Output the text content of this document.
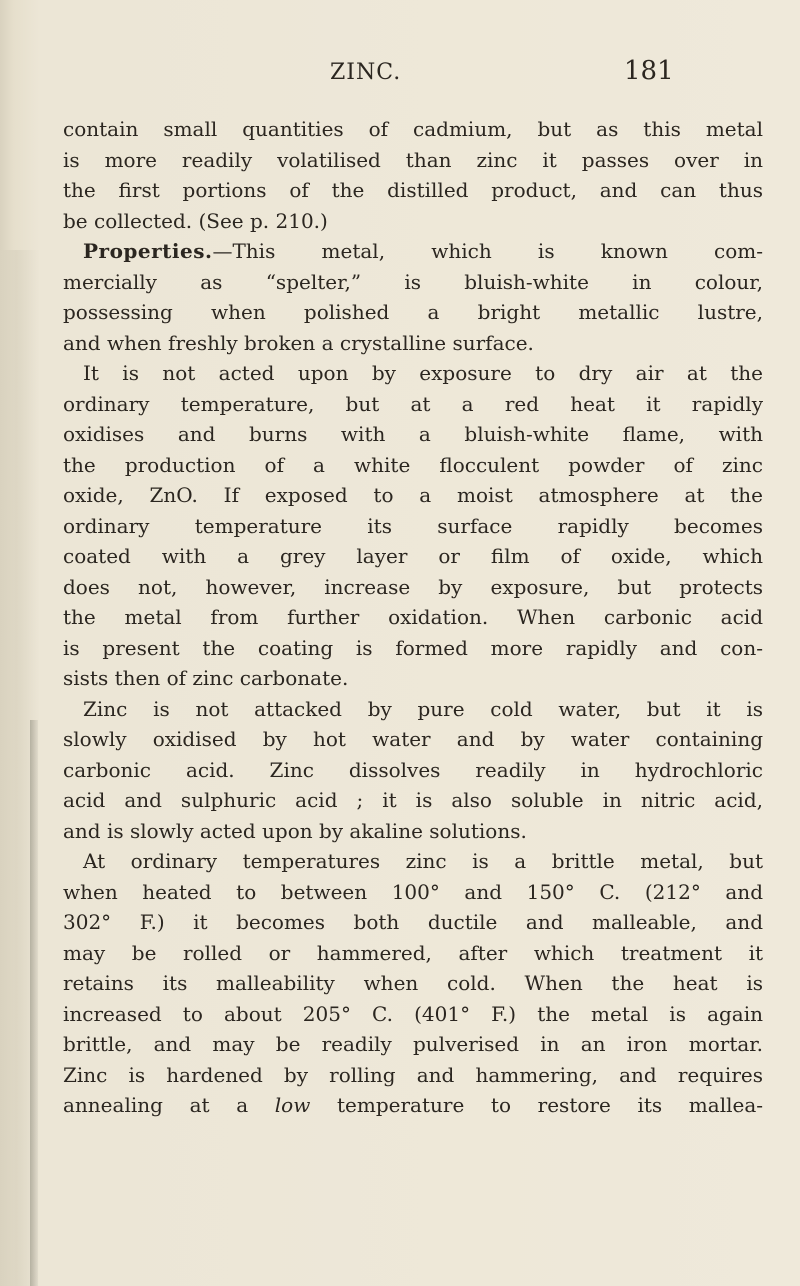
ZINC.	181
contain small quantities of cadmium, but as this metal
is more readily volatilised than zinc it passes over in
the first portions of the distilled product, and can thus
be collected. (See p. 210.)
Properties.—This metal, which is known com-
mercially as “spelter,” is bluish-white in colour,
possessing when polished a bright metallic lustre,
and when freshly broken a crystalline surface.
It is not acted upon by exposure to dry air at the
ordinary temperature, but at a red heat it rapidly
oxidises and burns with a bluish-white flame, with
the production of a white flocculent powder of zinc
oxide, ZnO. If exposed to a moist atmosphere at the
ordinary temperature its surface rapidly becomes
coated with a grey layer or film of oxide, which
does not, however, increase by exposure, but protects
the metal from further oxidation. When carbonic acid
is present the coating is formed more rapidly and con-
sists then of zinc carbonate.
Zinc is not attacked by pure cold water, but it is
slowly oxidised by hot water and by water containing
carbonic acid. Zinc dissolves readily in hydrochloric
acid and sulphuric acid ; it is also soluble in nitric acid,
and is slowly acted upon by akaline solutions.
At ordinary temperatures zinc is a brittle metal, but
when heated to between 100° and 150° C. (212° and
302° F.) it becomes both ductile and malleable, and
may be rolled or hammered, after which treatment it
retains its malleability when cold. When the heat is
increased to about 205° C. (401° F.) the metal is again
brittle, and may be readily pulverised in an iron mortar.
Zinc is hardened by rolling and hammering, and requires
annealing at a low temperature to restore its mallea-
